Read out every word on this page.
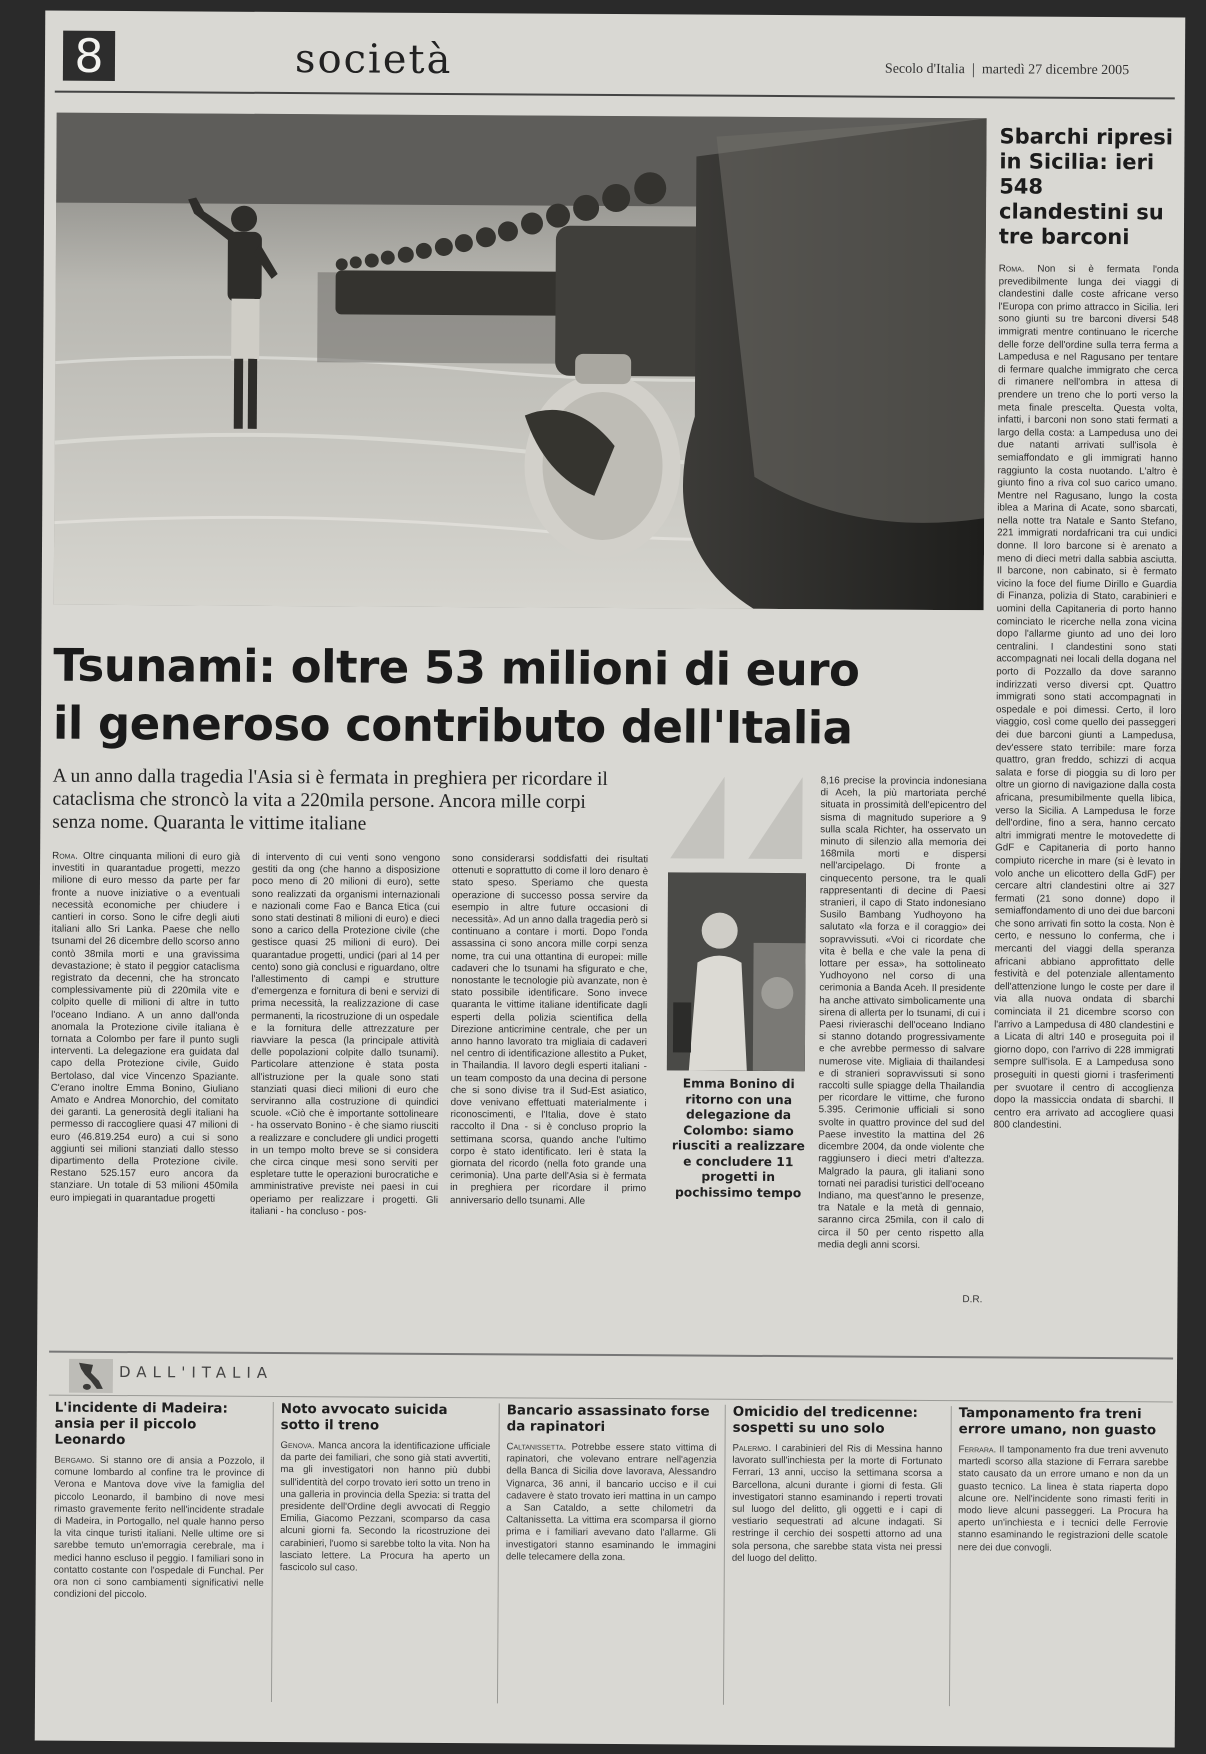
8	società	Secolo d'Italia martedì 27 dicembre 2005
Sbarchi ripresi in Sicilia: ieri 548 clandestini su tre barconi

Roma. Non si è fermata l'onda prevedibilmente lunga dei viaggi di clandestini dalle coste africane verso l'Europa con primo attracco in Sicilia. Ieri sono giunti su tre barconi diversi 548 immigrati mentre continuano le ricerche delle forze dell'ordine sulla terra ferma a Lampedusa e nel Ragusano per tentare di fermare qualche immigrato che cerca di rimanere nell'ombra in attesa di prendere un treno che lo porti verso la meta finale prescelta. Questa volta, infatti, i barconi non sono stati fermati a largo della costa: a Lampedusa uno dei due natanti arrivati sull'isola è semiaffondato e gli immigrati hanno raggiunto la costa nuotando. L'altro è giunto fino a riva col suo carico umano. Mentre nel Ragusano, lungo la costa iblea a Marina di Acate, sono sbarcati, nella notte tra Natale e Santo Stefano, 221 immigrati nordafricani tra cui undici donne. Il loro barcone si è arenato a meno di dieci metri dalla sabbia asciutta. Il barcone, non cabinato, si è fermato vicino la foce del fiume Dirillo e Guardia di Finanza, polizia di Stato, carabinieri e uomini della Capitaneria di porto hanno cominciato le ricerche nella zona vicina dopo l'allarme giunto ad uno dei loro centralini. I clandestini sono stati accompagnati nei locali della dogana nel porto di Pozzallo da dove saranno indirizzati verso diversi cpt. Quattro immigrati sono stati accompagnati in ospedale e poi dimessi. Certo, il loro viaggio, così come quello dei passeggeri dei due barconi giunti a Lampedusa, dev'essere stato terribile: mare forza quattro, gran freddo, schizzi di acqua salata e forse di pioggia su di loro per oltre un giorno di navigazione dalla costa africana, presumibilmente quella libica, verso la Sicilia. A Lampedusa le forze dell'ordine, fino a sera, hanno cercato altri immigrati mentre le motovedette di GdF e Capitaneria di porto hanno compiuto ricerche in mare (si è levato in volo anche un elicottero della GdF) per cercare altri clandestini oltre ai 327 fermati (21 sono donne) dopo il semiaffondamento di uno dei due barconi che sono arrivati fin sotto la costa. Non è certo, e nessuno lo conferma, che i mercanti del viaggi della speranza africani abbiano approfittato delle festività e del potenziale allentamento dell'attenzione lungo le coste per dare il via alla nuova ondata di sbarchi cominciata il 21 dicembre scorso con l'arrivo a Lampedusa di 480 clandestini e a Licata di altri 140 e proseguita poi il giorno dopo, con l'arrivo di 228 immigrati sempre sull'isola. E a Lampedusa sono proseguiti in questi giorni i trasferimenti per svuotare il centro di accoglienza dopo la massiccia ondata di sbarchi. Il centro era arrivato ad accogliere quasi 800 clandestini.

Tsunami: oltre 53 milioni di euro
il generoso contributo dell'Italia
A un anno dalla tragedia l'Asia si è fermata in preghiera per ricordare il cataclisma che stroncò la vita a 220mila persone. Ancora mille corpi senza nome. Quaranta le vittime italiane

Roma. Oltre cinquanta milioni di euro già investiti in quarantadue progetti, mezzo milione di euro messo da parte per far fronte a nuove iniziative o a eventuali necessità economiche per chiudere i cantieri in corso. Sono le cifre degli aiuti italiani allo Sri Lanka. Paese che nello tsunami del 26 dicembre dello scorso anno contò 38mila morti e una gravissima devastazione; è stato il peggior cataclisma registrato da decenni, che ha stroncato complessivamente più di 220mila vite e colpito quelle di milioni di altre in tutto l'oceano Indiano. A un anno dall'onda anomala la Protezione civile italiana è tornata a Colombo per fare il punto sugli interventi. La delegazione era guidata dal capo della Protezione civile, Guido Bertolaso, dal vice Vincenzo Spaziante. C'erano inoltre Emma Bonino, Giuliano Amato e Andrea Monorchio, del comitato dei garanti. La generosità degli italiani ha permesso di raccogliere quasi 47 milioni di euro (46.819.254 euro) a cui si sono aggiunti sei milioni stanziati dallo stesso dipartimento della Protezione civile. Restano 525.157 euro ancora da stanziare. Un totale di 53 milioni 450mila euro impiegati in quarantadue progetti

di intervento di cui venti sono vengono gestiti da ong (che hanno a disposizione poco meno di 20 milioni di euro), sette sono realizzati da organismi internazionali e nazionali come Fao e Banca Etica (cui sono stati destinati 8 milioni di euro) e dieci sono a carico della Protezione civile (che gestisce quasi 25 milioni di euro). Dei quarantadue progetti, undici (pari al 14 per cento) sono già conclusi e riguardano, oltre l'allestimento di campi e strutture d'emergenza e fornitura di beni e servizi di prima necessità, la realizzazione di case permanenti, la ricostruzione di un ospedale e la fornitura delle attrezzature per riavviare la pesca (la principale attività delle popolazioni colpite dallo tsunami). Particolare attenzione è stata posta all'istruzione per la quale sono stati stanziati quasi dieci milioni di euro che serviranno alla costruzione di quindici scuole. «Ciò che è importante sottolineare - ha osservato Bonino - è che siamo riusciti a realizzare e concludere gli undici progetti in un tempo molto breve se si considera che circa cinque mesi sono serviti per espletare tutte le operazioni burocratiche e amministrative previste nei paesi in cui operiamo per realizzare i progetti. Gli italiani - ha concluso - pos-

sono considerarsi soddisfatti dei risultati ottenuti e soprattutto di come il loro denaro è stato speso. Speriamo che questa operazione di successo possa servire da esempio in altre future occasioni di necessità». Ad un anno dalla tragedia però si continuano a contare i morti. Dopo l'onda assassina ci sono ancora mille corpi senza nome, tra cui una ottantina di europei: mille cadaveri che lo tsunami ha sfigurato e che, nonostante le tecnologie più avanzate, non è stato possibile identificare. Sono invece quaranta le vittime italiane identificate dagli esperti della polizia scientifica della Direzione anticrimine centrale, che per un anno hanno lavorato tra migliaia di cadaveri nel centro di identificazione allestito a Puket, in Thailandia. Il lavoro degli esperti italiani - un team composto da una decina di persone che si sono divise tra il Sud-Est asiatico, dove venivano effettuati materialmente i riconoscimenti, e l'Italia, dove è stato raccolto il Dna - si è concluso proprio la settimana scorsa, quando anche l'ultimo corpo è stato identificato. Ieri è stata la giornata del ricordo (nella foto grande una cerimonia). Una parte dell'Asia si è fermata in preghiera per ricordare il primo anniversario dello tsunami. Alle

8,16 precise la provincia indonesiana di Aceh, la più martoriata perché situata in prossimità dell'epicentro del sisma di magnitudo superiore a 9 sulla scala Richter, ha osservato un minuto di silenzio alla memoria dei 168mila morti e dispersi nell'arcipelago. Di fronte a cinquecento persone, tra le quali rappresentanti di decine di Paesi stranieri, il capo di Stato indonesiano Susilo Bambang Yudhoyono ha salutato «la forza e il coraggio» dei sopravvissuti. «Voi ci ricordate che vita è bella e che vale la pena di lottare per essa», ha sottolineato Yudhoyono nel corso di una cerimonia a Banda Aceh. Il presidente ha anche attivato simbolicamente una sirena di allerta per lo tsunami, di cui i Paesi rivieraschi dell'oceano Indiano si stanno dotando progressivamente e che avrebbe permesso di salvare numerose vite. Migliaia di thailandesi e di stranieri sopravvissuti si sono raccolti sulle spiagge della Thailandia per ricordare le vittime, che furono 5.395. Cerimonie ufficiali si sono svolte in quattro province del sud del Paese investito la mattina del 26 dicembre 2004, da onde violente che raggiunsero i dieci metri d'altezza. Malgrado la paura, gli italiani sono tornati nei paradisi turistici dell'oceano Indiano, ma quest'anno le presenze, tra Natale e la metà di gennaio, saranno circa 25mila, con il calo di circa il 50 per cento rispetto alla media degli anni scorsi.

D.R.
Emma Bonino di ritorno con una delegazione da Colombo: siamo riusciti a realizzare e concludere 11 progetti in pochissimo tempo
DALL'ITALIA
L'incidente di Madeira: ansia per il piccolo Leonardo

Bergamo. Si stanno ore di ansia a Pozzolo, il comune lombardo al confine tra le province di Verona e Mantova dove vive la famiglia del piccolo Leonardo, il bambino di nove mesi rimasto gravemente ferito nell'incidente stradale di Madeira, in Portogallo, nel quale hanno perso la vita cinque turisti italiani. Nelle ultime ore si sarebbe temuto un'emorragia cerebrale, ma i medici hanno escluso il peggio. I familiari sono in contatto costante con l'ospedale di Funchal. Per ora non ci sono cambiamenti significativi nelle condizioni del piccolo.

Noto avvocato suicida sotto il treno

Genova. Manca ancora la identificazione ufficiale da parte dei familiari, che sono già stati avvertiti, ma gli investigatori non hanno più dubbi sull'identità del corpo trovato ieri sotto un treno in una galleria in provincia della Spezia: si tratta del presidente dell'Ordine degli avvocati di Reggio Emilia, Giacomo Pezzani, scomparso da casa alcuni giorni fa. Secondo la ricostruzione dei carabinieri, l'uomo si sarebbe tolto la vita. Non ha lasciato lettere. La Procura ha aperto un fascicolo sul caso.

Bancario assassinato forse da rapinatori

Caltanissetta. Potrebbe essere stato vittima di rapinatori, che volevano entrare nell'agenzia della Banca di Sicilia dove lavorava, Alessandro Vignarca, 36 anni, il bancario ucciso e il cui cadavere è stato trovato ieri mattina in un campo a San Cataldo, a sette chilometri da Caltanissetta. La vittima era scomparsa il giorno prima e i familiari avevano dato l'allarme. Gli investigatori stanno esaminando le immagini delle telecamere della zona.

Omicidio del tredicenne: sospetti su uno solo

Palermo. I carabinieri del Ris di Messina hanno lavorato sull'inchiesta per la morte di Fortunato Ferrari, 13 anni, ucciso la settimana scorsa a Barcellona, alcuni durante i giorni di festa. Gli investigatori stanno esaminando i reperti trovati sul luogo del delitto, gli oggetti e i capi di vestiario sequestrati ad alcune indagati. Si restringe il cerchio dei sospetti attorno ad una sola persona, che sarebbe stata vista nei pressi del luogo del delitto.

Tamponamento fra treni errore umano, non guasto

Ferrara. Il tamponamento fra due treni avvenuto martedì scorso alla stazione di Ferrara sarebbe stato causato da un errore umano e non da un guasto tecnico. La linea è stata riaperta dopo alcune ore. Nell'incidente sono rimasti feriti in modo lieve alcuni passeggeri. La Procura ha aperto un'inchiesta e i tecnici delle Ferrovie stanno esaminando le registrazioni delle scatole nere dei due convogli.
